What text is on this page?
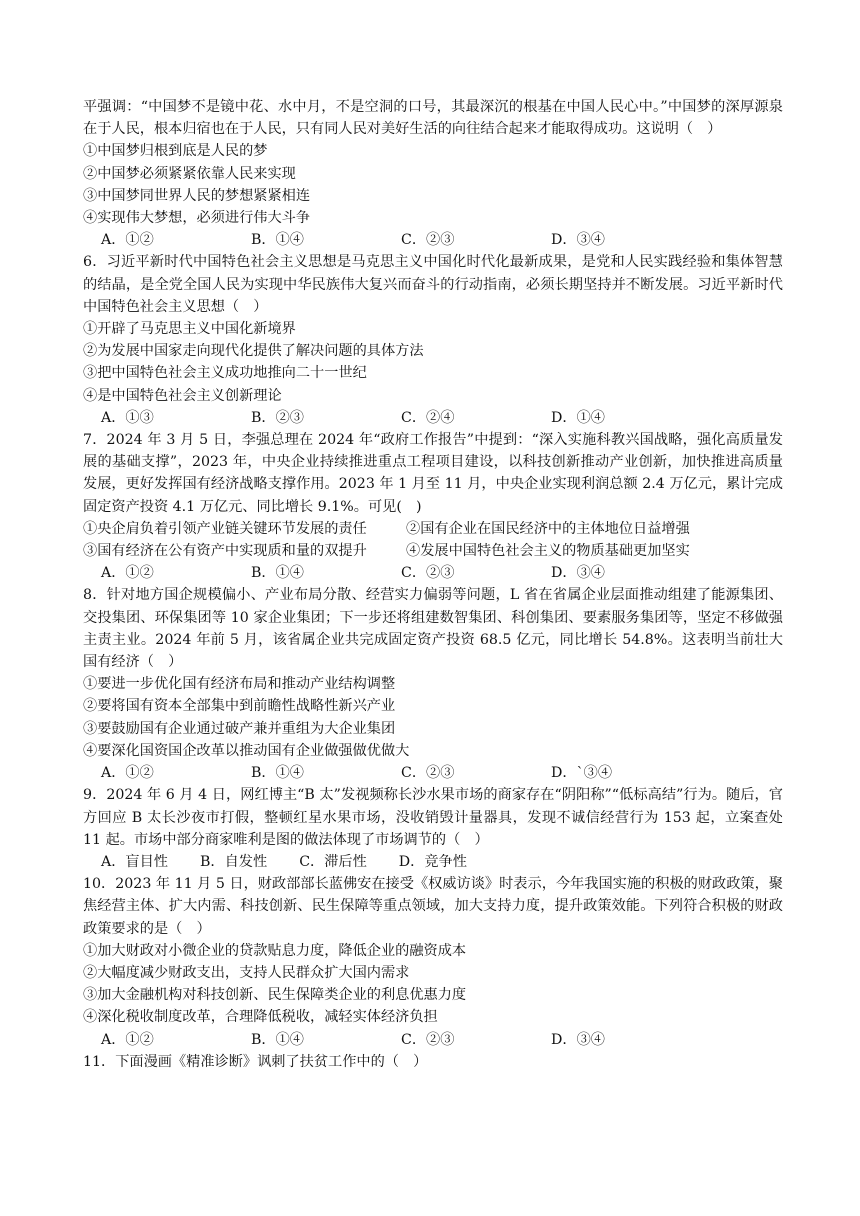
平强调：“中国梦不是镜中花、水中月，不是空洞的口号，其最深沉的根基在中国人民心中。”中国梦的深厚源泉在于人民，根本归宿也在于人民，只有同人民对美好生活的向往结合起来才能取得成功。这说明（　）

①中国梦归根到底是人民的梦

②中国梦必须紧紧依靠人民来实现

③中国梦同世界人民的梦想紧紧相连

④实现伟大梦想，必须进行伟大斗争

A．①②	B．①④	C．②③	D．③④

6．习近平新时代中国特色社会主义思想是马克思主义中国化时代化最新成果，是党和人民实践经验和集体智慧的结晶，是全党全国人民为实现中华民族伟大复兴而奋斗的行动指南，必须长期坚持并不断发展。习近平新时代中国特色社会主义思想（　）

①开辟了马克思主义中国化新境界

②为发展中国家走向现代化提供了解决问题的具体方法

③把中国特色社会主义成功地推向二十一世纪

④是中国特色社会主义创新理论

A．①③	B．②③	C．②④	D．①④

7．2024 年 3 月 5 日，李强总理在 2024 年“政府工作报告”中提到：“深入实施科教兴国战略，强化高质量发展的基础支撑”，2023 年，中央企业持续推进重点工程项目建设，以科技创新推动产业创新，加快推进高质量发展，更好发挥国有经济战略支撑作用。2023 年 1 月至 11 月，中央企业实现利润总额 2.4 万亿元，累计完成固定资产投资 4.1 万亿元、同比增长 9.1%。可见(　)

①央企肩负着引领产业链关键环节发展的责任	②国有企业在国民经济中的主体地位日益增强
③国有经济在公有资产中实现质和量的双提升	④发展中国特色社会主义的物质基础更加坚实
A．①②	B．①④	C．②③	D．③④

8．针对地方国企规模偏小、产业布局分散、经营实力偏弱等问题，L 省在省属企业层面推动组建了能源集团、交投集团、环保集团等 10 家企业集团；下一步还将组建数智集团、科创集团、要素服务集团等，坚定不移做强主责主业。2024 年前 5 月，该省属企业共完成固定资产投资 68.5 亿元，同比增长 54.8%。这表明当前壮大国有经济（　）

①要进一步优化国有经济布局和推动产业结构调整

②要将国有资本全部集中到前瞻性战略性新兴产业

③要鼓励国有企业通过破产兼并重组为大企业集团

④要深化国资国企改革以推动国有企业做强做优做大

A．①②	B．①④	C．②③	D．`③④

9．2024 年 6 月 4 日，网红博主“B 太”发视频称长沙水果市场的商家存在“阴阳称”“低标高结”行为。随后，官方回应 B 太长沙夜市打假，整顿红星水果市场，没收销毁计量器具，发现不诚信经营行为 153 起，立案查处 11 起。市场中部分商家唯利是图的做法体现了市场调节的（　）

A．盲目性 B．自发性 C．滞后性 D．竞争性

10．2023 年 11 月 5 日，财政部部长蓝佛安在接受《权威访谈》时表示，今年我国实施的积极的财政政策，聚焦经营主体、扩大内需、科技创新、民生保障等重点领域，加大支持力度，提升政策效能。下列符合积极的财政政策要求的是（　）

①加大财政对小微企业的贷款贴息力度，降低企业的融资成本

②大幅度减少财政支出，支持人民群众扩大国内需求

③加大金融机构对科技创新、民生保障类企业的利息优惠力度

④深化税收制度改革，合理降低税收，减轻实体经济负担

A．①②	B．①④	C．②③	D．③④

11．下面漫画《精准诊断》讽刺了扶贫工作中的（　）
